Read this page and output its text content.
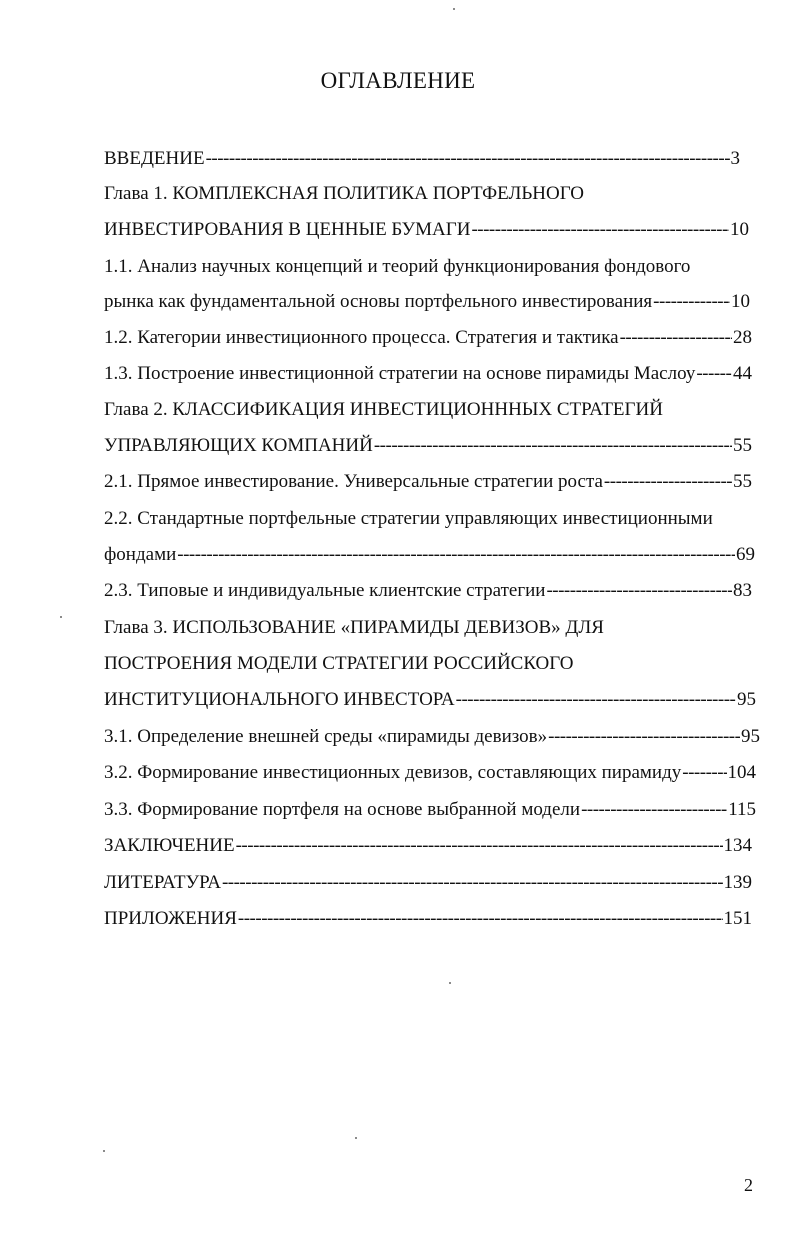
ОГЛАВЛЕНИЕ
ВВЕДЕНИЕ -----	3
Глава 1. КОМПЛЕКСНАЯ ПОЛИТИКА ПОРТФЕЛЬНОГО
ИНВЕСТИРОВАНИЯ В ЦЕННЫЕ БУМАГИ -----	10
1.1. Анализ научных концепций и теорий функционирования фондового
рынка как фундаментальной основы портфельного инвестирования -----	10
1.2. Категории инвестиционного процесса. Стратегия и тактика -----	28
1.3. Построение инвестиционной стратегии на основе пирамиды Маслоу ----- 44
Глава 2. КЛАССИФИКАЦИЯ ИНВЕСТИЦИОНННЫХ СТРАТЕГИЙ
УПРАВЛЯЮЩИХ КОМПАНИЙ -----	55
2.1. Прямое инвестирование. Универсальные стратегии роста -----	55
2.2. Стандартные портфельные стратегии управляющих инвестиционными
фондами -----	69
2.3. Типовые и индивидуальные клиентские стратегии -----	83
Глава 3. ИСПОЛЬЗОВАНИЕ «ПИРАМИДЫ ДЕВИЗОВ» ДЛЯ
ПОСТРОЕНИЯ МОДЕЛИ СТРАТЕГИИ РОССИЙСКОГО
ИНСТИТУЦИОНАЛЬНОГО ИНВЕСТОРА -----	95
3.1. Определение внешней среды «пирамиды девизов» -----	95
3.2. Формирование инвестиционных девизов, составляющих пирамиду ----- 104
3.3. Формирование портфеля на основе выбранной модели -----	115
ЗАКЛЮЧЕНИЕ -----	134
ЛИТЕРАТУРА -----	139
ПРИЛОЖЕНИЯ -----	151
2
